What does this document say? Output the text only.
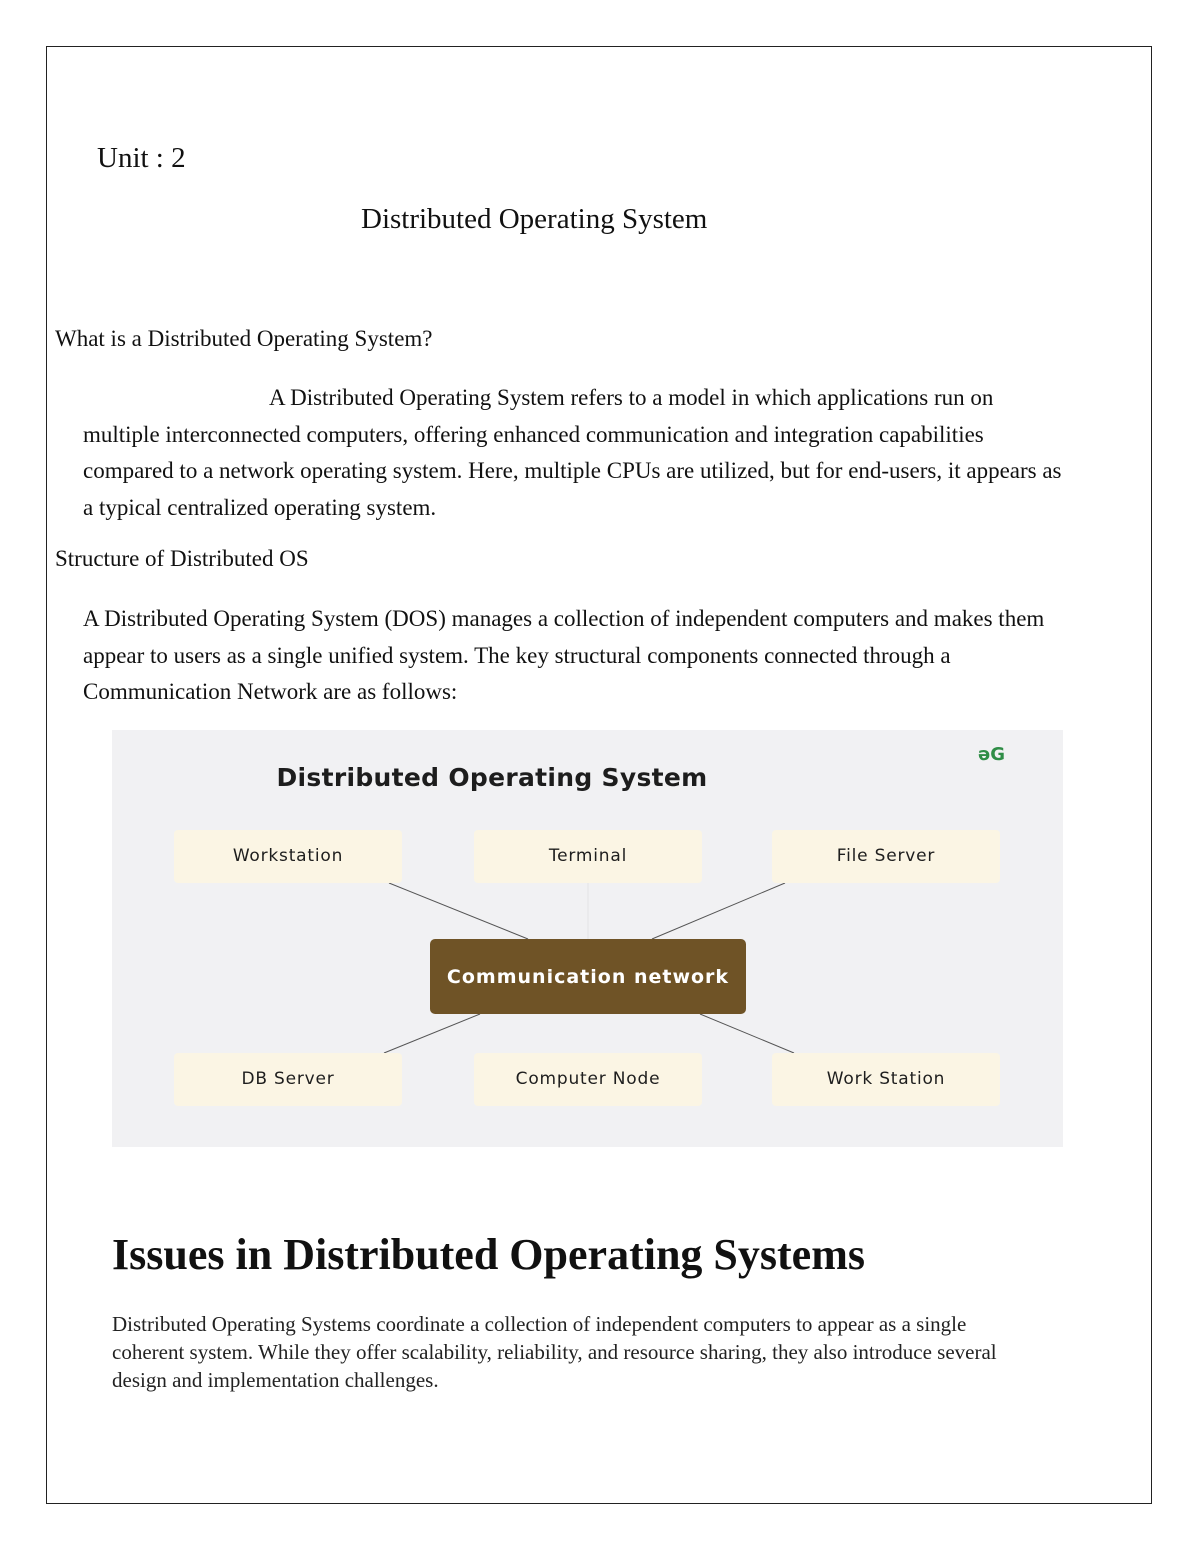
Unit : 2

Distributed Operating System

What is a Distributed Operating System?

A Distributed Operating System refers to a model in which applications run on multiple interconnected computers, offering enhanced communication and integration capabilities compared to a network operating system. Here, multiple CPUs are utilized, but for end-users, it appears as a typical centralized operating system.

Structure of Distributed OS

A Distributed Operating System (DOS) manages a collection of independent computers and makes them appear to users as a single unified system. The key structural components connected through a Communication Network are as follows:

Distributed Operating System
əG
Workstation	Terminal	File Server
Communication network
DB Server	Computer Node	Work Station
Issues in Distributed Operating Systems

Distributed Operating Systems coordinate a collection of independent computers to appear as a single coherent system. While they offer scalability, reliability, and resource sharing, they also introduce several design and implementation challenges.
